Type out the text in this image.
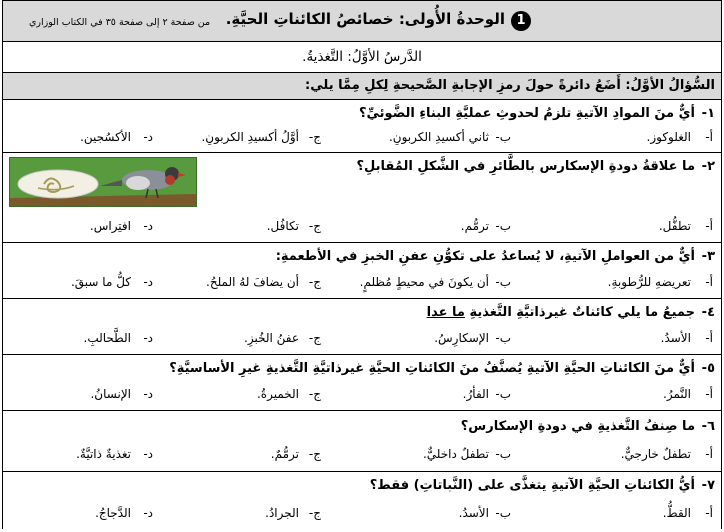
1
الوحدةُ الأُولى: خصائصُ الكائناتِ الحيَّةِ.
من صفحة ٢ إلى صفحة ٣٥ في الكتاب الوزاري
الدَّرسُ الأوَّلُ: التَّغذيةُ.
السُّؤالُ الأوَّلُ: أَضَعُ دائرةً حولَ رمزِ الإجابةِ الصَّحيحةِ لِكلِ مِمَّا يلي:
١-أيٌّ منَ الموادِ الآتيةِ تلزمُ لحدوثِ عمليَّةِ البناءِ الضَّوئيِّ؟
أ-الغلوكوز.
ب-ثاني أكسيدِ الكربونِ.
ج-أوَّلُ أكسيدِ الكربونِ.
د-الأكسُجين.
٢-ما علاقةُ دودةِ الإسكارس بالطَّائرِ في الشَّكلِ المُقابلِ؟
أ-تطفُّل.
ب-ترمُّم.
ج-تكافُل.
د-افتِراس.
٣-أيٌّ من العواملِ الآتيةِ، لا يُساعدُ على تكوُّنِ عفنِ الخبزِ في الأطعمةِ:
أ-تعريضهِ للرُّطوبةِ.
ب-أن يكونَ في محيطٍ مُظلمٍ.
ج-أن يضافَ لهُ الملحُ.
د-كلُّ ما سبقَ.
٤-جميعُ ما يلي كائناتٌ غيرذاتيَّةِ التَّغذيةِ ما عدا
أ-الأسدُ.
ب-الإسكارِسُ.
ج-عفنُ الخُبزِ.
د-الطَّحالبِ.
٥-أيٌّ منَ الكائناتِ الحيَّةِ الآتيةِ يُصنَّفُ منَ الكائناتِ الحيَّةِ غيرذاتيَّةِ التَّغذيةِ غيرِ الأساسيَّةِ؟
أ-النَّمرُ.
ب-الفأرُ.
ج-الخميرةُ.
د-الإنسانُ.
٦-ما صِنفُ التَّغذيةِ في دودةِ الإسكارس؟
أ-تطفلٌ خارجيٌّ.
ب-تطفلٌ داخليٌّ.
ج-ترمُّمٌ.
د-تغذيةٌ ذاتيَّةٌ.
٧-أيُّ الكائناتِ الحيَّةِ الآتيةِ يتغذَّى على (النَّباتاتِ) فقط؟
أ-القطُّ.
ب-الأسدُ.
ج-الجرادُ.
د-الدَّجاجُ.
